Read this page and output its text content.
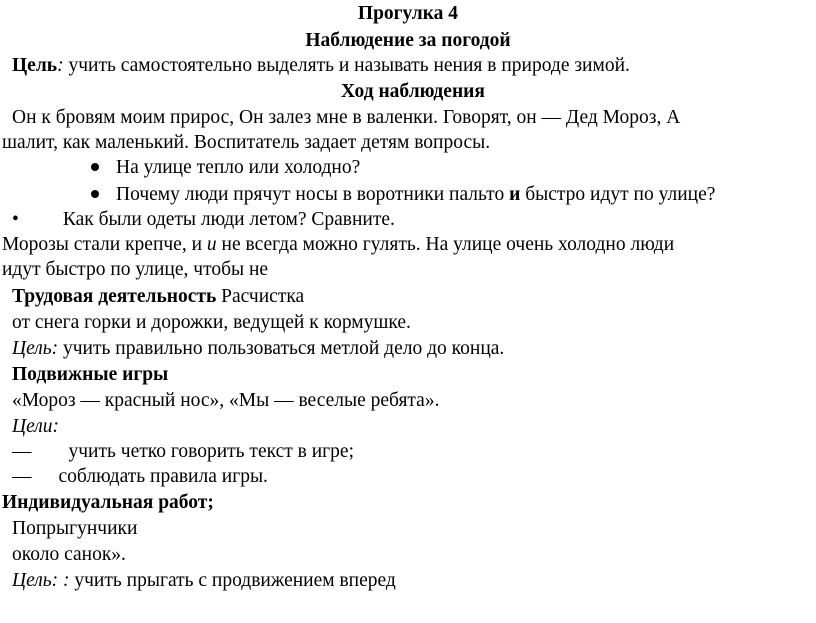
Прогулка 4
Наблюдение за погодой
Цель: учить самостоятельно выделять и называть нения в природе зимой.
Ход наблюдения
Он к бровям моим прирос, Он залез мне в валенки. Говорят, он — Дед Мороз, А
шалит, как маленький. Воспитатель задает детям вопросы.
На улице тепло или холодно?
Почему люди прячут носы в воротники пальто и быстро идут по улице?
• Как были одеты люди летом? Сравните.
Морозы стали крепче, и и не всегда можно гулять. На улице очень холодно люди
идут быстро по улице, чтобы не
Трудовая деятельность Расчистка
от снега горки и дорожки, ведущей к кормушке.
Цель: учить правильно пользоваться метлой дело до конца.
Подвижные игры
«Мороз — красный нос», «Мы — веселые ребята».
Цели:
— учить четко говорить текст в игре;
— соблюдать правила игры.
Индивидуальная работ;
Попрыгунчики
около санок».
Цель: : учить прыгать с продвижением вперед
